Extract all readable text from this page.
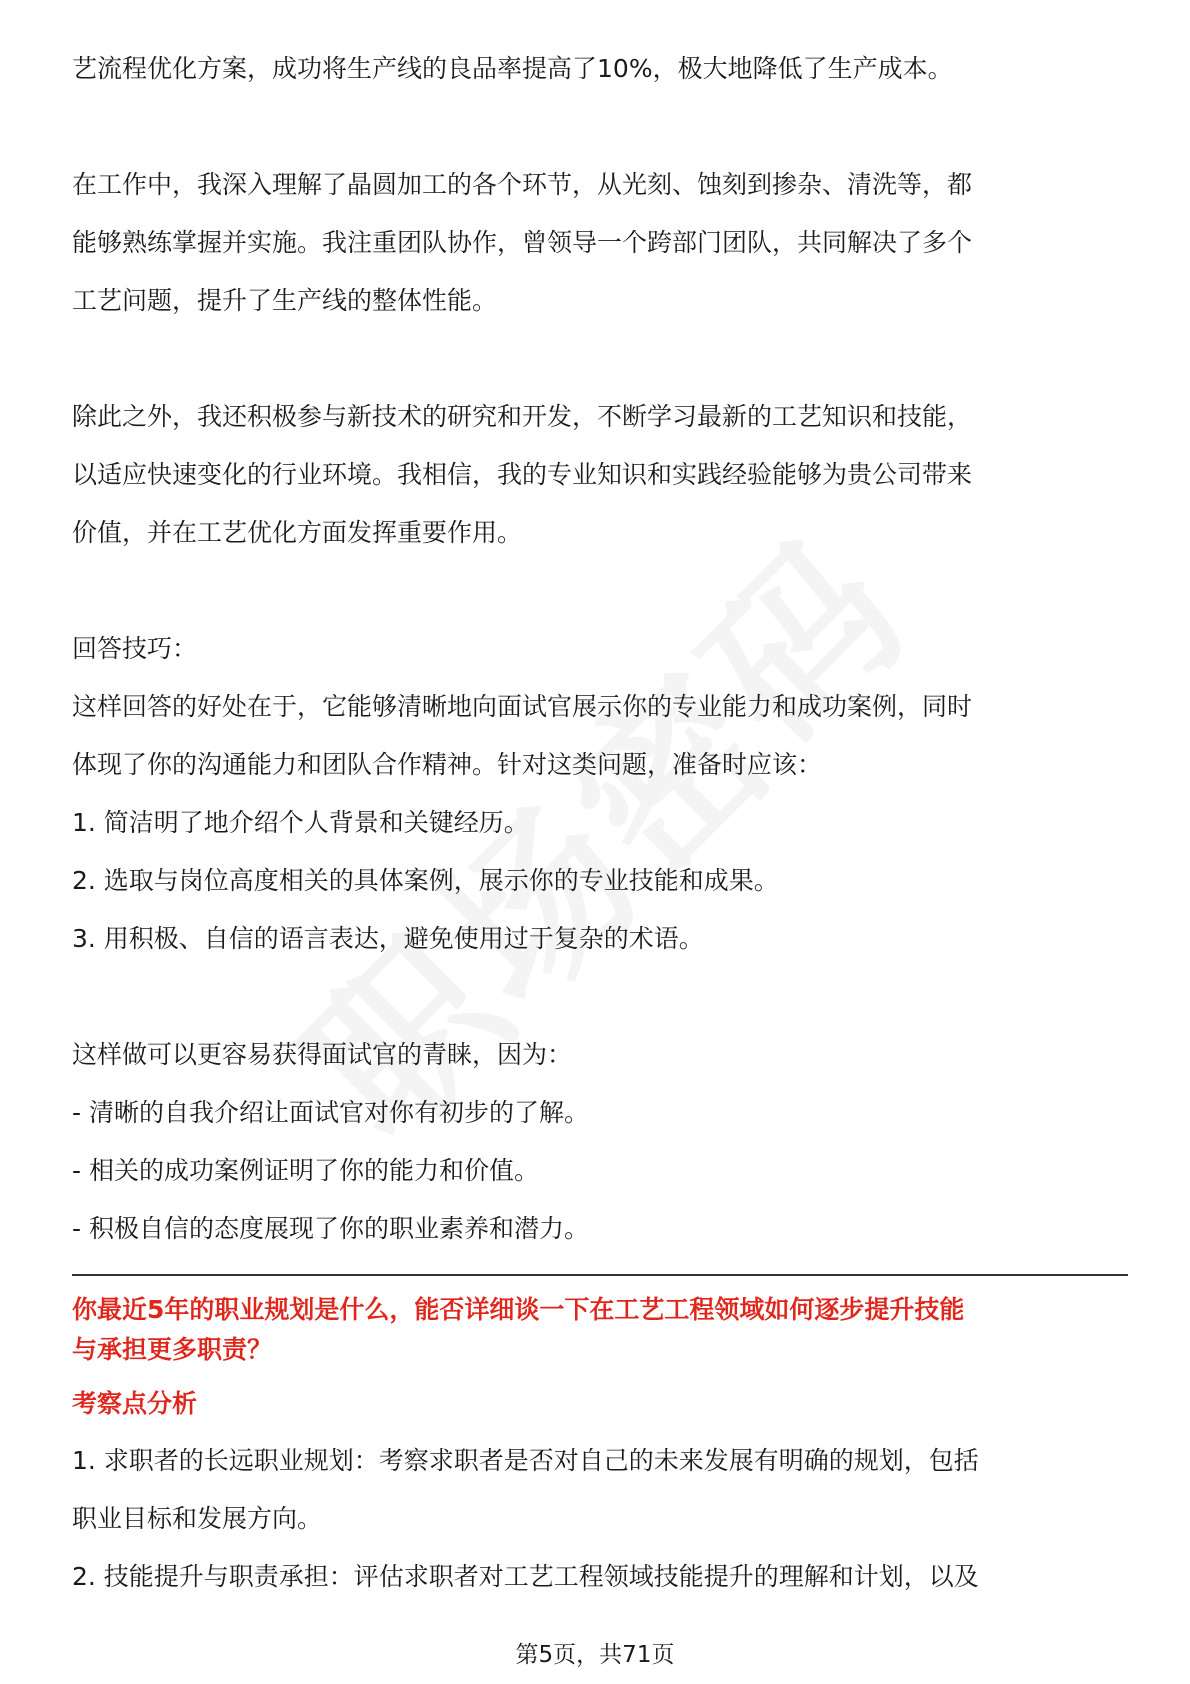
艺流程优化方案，成功将生产线的良品率提高了10%，极大地降低了生产成本。

在工作中，我深入理解了晶圆加工的各个环节，从光刻、蚀刻到掺杂、清洗等，都

能够熟练掌握并实施。我注重团队协作，曾领导一个跨部门团队，共同解决了多个

工艺问题，提升了生产线的整体性能。

除此之外，我还积极参与新技术的研究和开发，不断学习最新的工艺知识和技能，

以适应快速变化的行业环境。我相信，我的专业知识和实践经验能够为贵公司带来

价值，并在工艺优化方面发挥重要作用。

回答技巧：

这样回答的好处在于，它能够清晰地向面试官展示你的专业能力和成功案例，同时

体现了你的沟通能力和团队合作精神。针对这类问题，准备时应该：

1. 简洁明了地介绍个人背景和关键经历。

2. 选取与岗位高度相关的具体案例，展示你的专业技能和成果。

3. 用积极、自信的语言表达，避免使用过于复杂的术语。

这样做可以更容易获得面试官的青睐，因为：

- 清晰的自我介绍让面试官对你有初步的了解。

- 相关的成功案例证明了你的能力和价值。

- 积极自信的态度展现了你的职业素养和潜力。

你最近5年的职业规划是什么，能否详细谈一下在工艺工程领域如何逐步提升技能

与承担更多职责？

考察点分析

1. 求职者的长远职业规划：考察求职者是否对自己的未来发展有明确的规划，包括

职业目标和发展方向。

2. 技能提升与职责承担：评估求职者对工艺工程领域技能提升的理解和计划，以及

第5页，共71页
